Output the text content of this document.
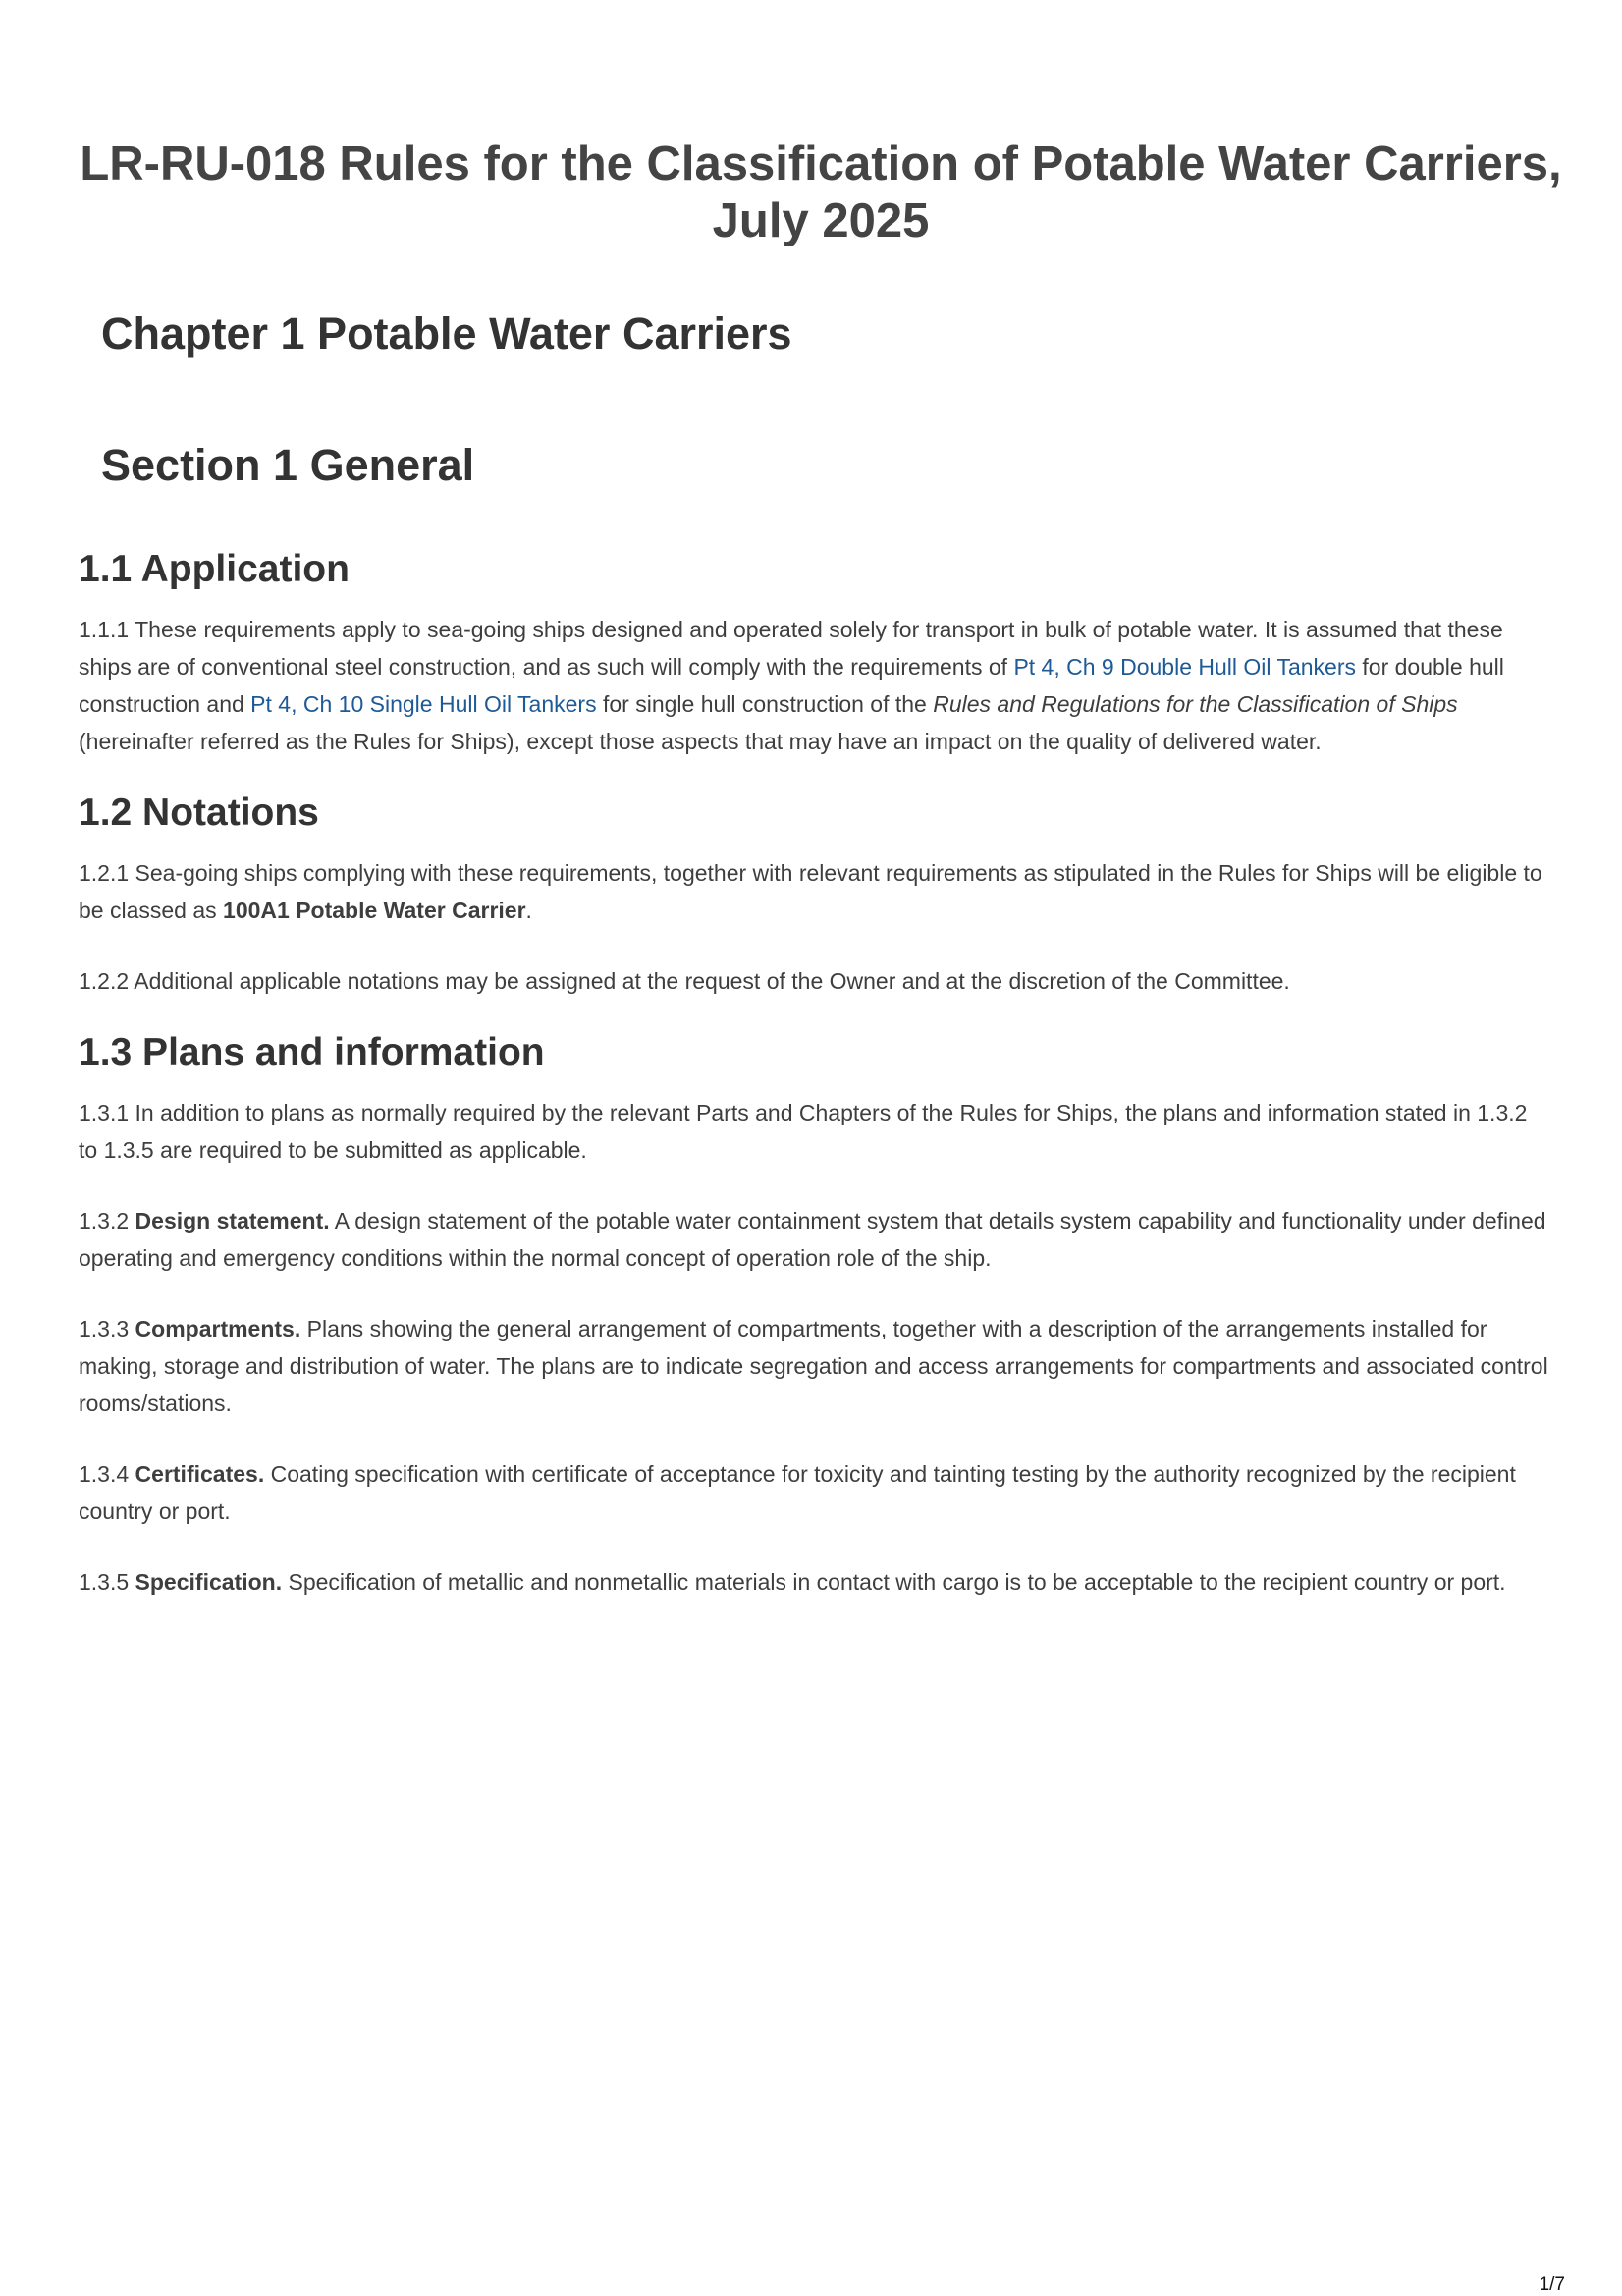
LR-RU-018 Rules for the Classification of Potable Water Carriers, July 2025
Chapter 1 Potable Water Carriers
Section 1 General
1.1 Application

1.1.1 These requirements apply to sea-going ships designed and operated solely for transport in bulk of potable water. It is assumed that these ships are of conventional steel construction, and as such will comply with the requirements of Pt 4, Ch 9 Double Hull Oil Tankers for double hull construction and Pt 4, Ch 10 Single Hull Oil Tankers for single hull construction of the Rules and Regulations for the Classification of Ships (hereinafter referred as the Rules for Ships), except those aspects that may have an impact on the quality of delivered water.

1.2 Notations

1.2.1 Sea-going ships complying with these requirements, together with relevant requirements as stipulated in the Rules for Ships will be eligible to be classed as 100A1 Potable Water Carrier.

1.2.2 Additional applicable notations may be assigned at the request of the Owner and at the discretion of the Committee.

1.3 Plans and information

1.3.1 In addition to plans as normally required by the relevant Parts and Chapters of the Rules for Ships, the plans and information stated in 1.3.2 to 1.3.5 are required to be submitted as applicable.

1.3.2 Design statement. A design statement of the potable water containment system that details system capability and functionality under defined operating and emergency conditions within the normal concept of operation role of the ship.

1.3.3 Compartments. Plans showing the general arrangement of compartments, together with a description of the arrangements installed for making, storage and distribution of water. The plans are to indicate segregation and access arrangements for compartments and associated control rooms/stations.

1.3.4 Certificates. Coating specification with certificate of acceptance for toxicity and tainting testing by the authority recognized by the recipient country or port.

1.3.5 Specification. Specification of metallic and nonmetallic materials in contact with cargo is to be acceptable to the recipient country or port.

1/7
